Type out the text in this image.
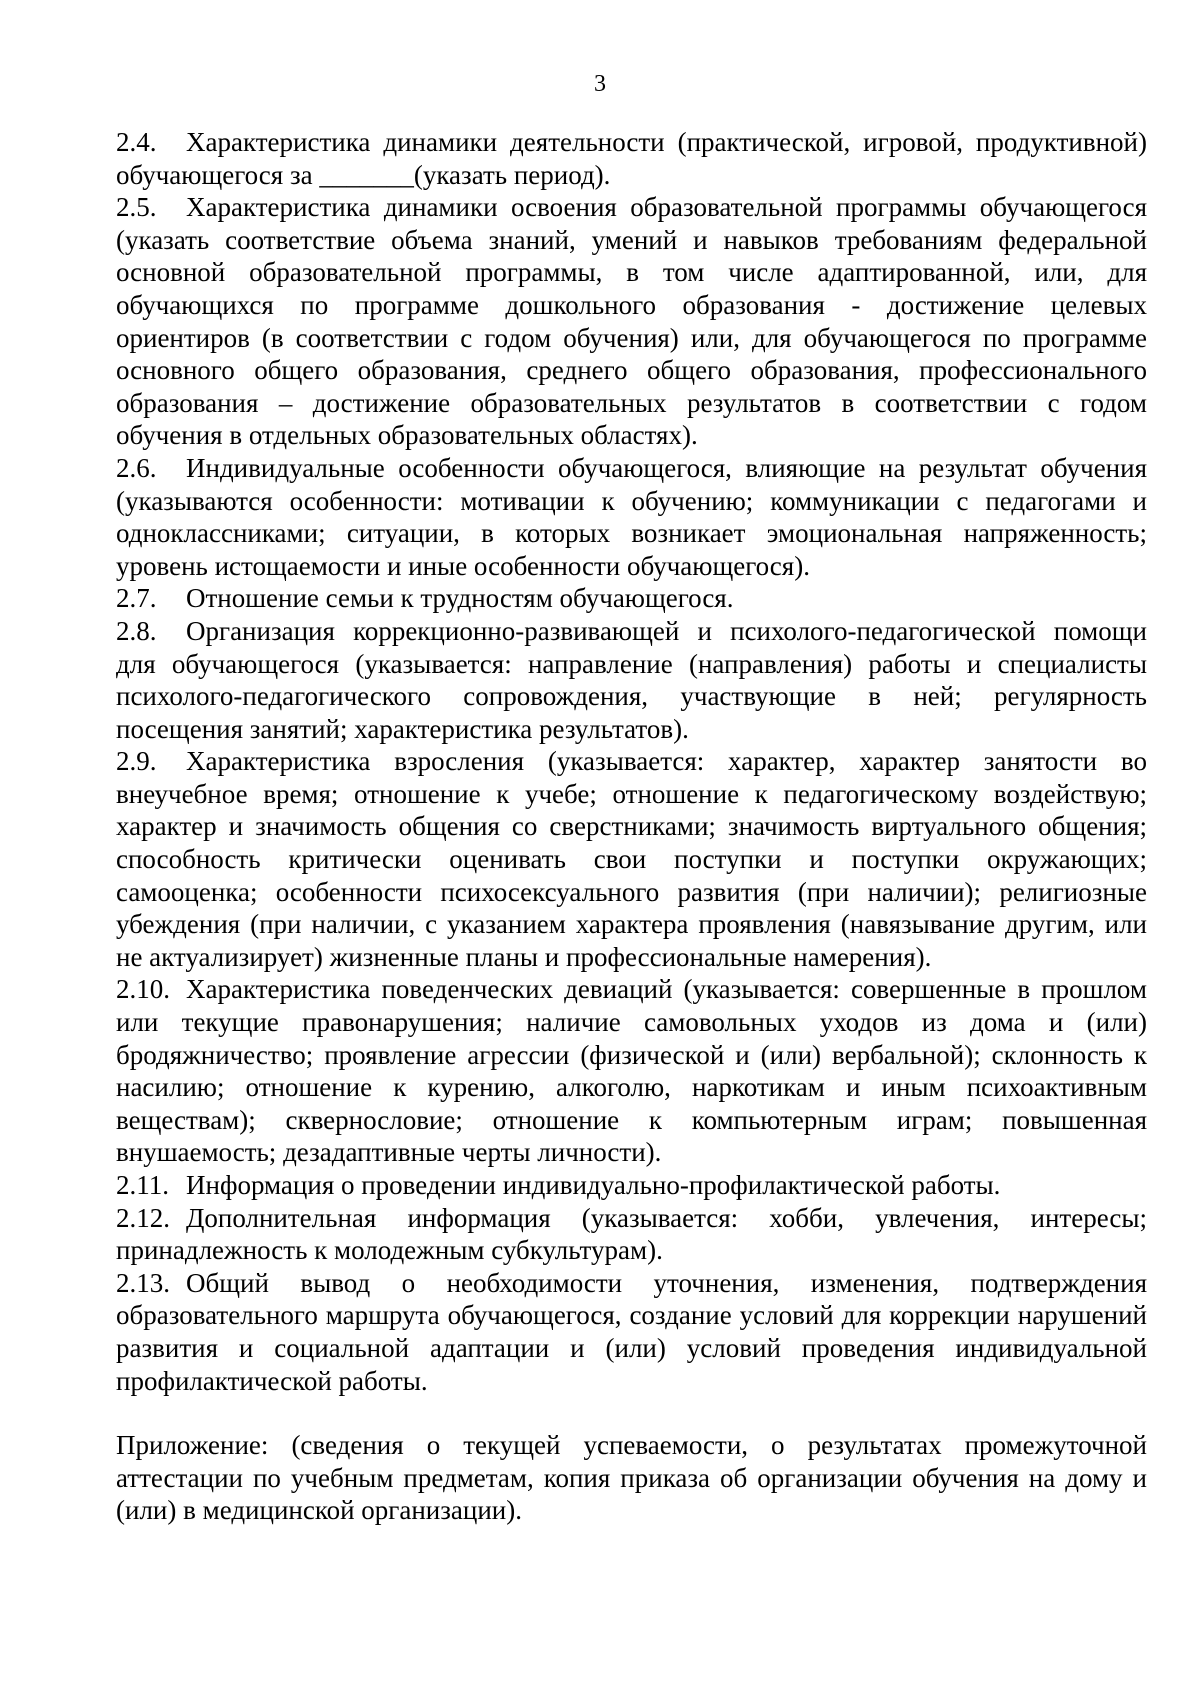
3

2.4. Характеристика динамики деятельности (практической, игровой, продуктивной) обучающегося за _______(указать период).

2.5. Характеристика динамики освоения образовательной программы обучающегося (указать соответствие объема знаний, умений и навыков требованиям федеральной основной образовательной программы, в том числе адаптированной, или, для обучающихся по программе дошкольного образования - достижение целевых ориентиров (в соответствии с годом обучения) или, для обучающегося по программе основного общего образования, среднего общего образования, профессионального образования – достижение образовательных результатов в соответствии с годом обучения в отдельных образовательных областях).

2.6. Индивидуальные особенности обучающегося, влияющие на результат обучения (указываются особенности: мотивации к обучению; коммуникации с педагогами и одноклассниками; ситуации, в которых возникает эмоциональная напряженность; уровень истощаемости и иные особенности обучающегося).

2.7. Отношение семьи к трудностям обучающегося.

2.8. Организация коррекционно-развивающей и психолого-педагогической помощи для обучающегося (указывается: направление (направления) работы и специалисты психолого-педагогического сопровождения, участвующие в ней; регулярность посещения занятий; характеристика результатов).

2.9. Характеристика взросления (указывается: характер, характер занятости во внеучебное время; отношение к учебе; отношение к педагогическому воздействую; характер и значимость общения со сверстниками; значимость виртуального общения; способность критически оценивать свои поступки и поступки окружающих; самооценка; особенности психосексуального развития (при наличии); религиозные убеждения (при наличии, с указанием характера проявления (навязывание другим, или не актуализирует) жизненные планы и профессиональные намерения).

2.10. Характеристика поведенческих девиаций (указывается: совершенные в прошлом или текущие правонарушения; наличие самовольных уходов из дома и (или) бродяжничество; проявление агрессии (физической и (или) вербальной); склонность к насилию; отношение к курению, алкоголю, наркотикам и иным психоактивным веществам); сквернословие; отношение к компьютерным играм; повышенная внушаемость; дезадаптивные черты личности).

2.11. Информация о проведении индивидуально-профилактической работы.

2.12. Дополнительная информация (указывается: хобби, увлечения, интересы; принадлежность к молодежным субкультурам).

2.13. Общий вывод о необходимости уточнения, изменения, подтверждения образовательного маршрута обучающегося, создание условий для коррекции нарушений развития и социальной адаптации и (или) условий проведения индивидуальной профилактической работы.

Приложение: (сведения о текущей успеваемости, о результатах промежуточной аттестации по учебным предметам, копия приказа об организации обучения на дому и (или) в медицинской организации).
